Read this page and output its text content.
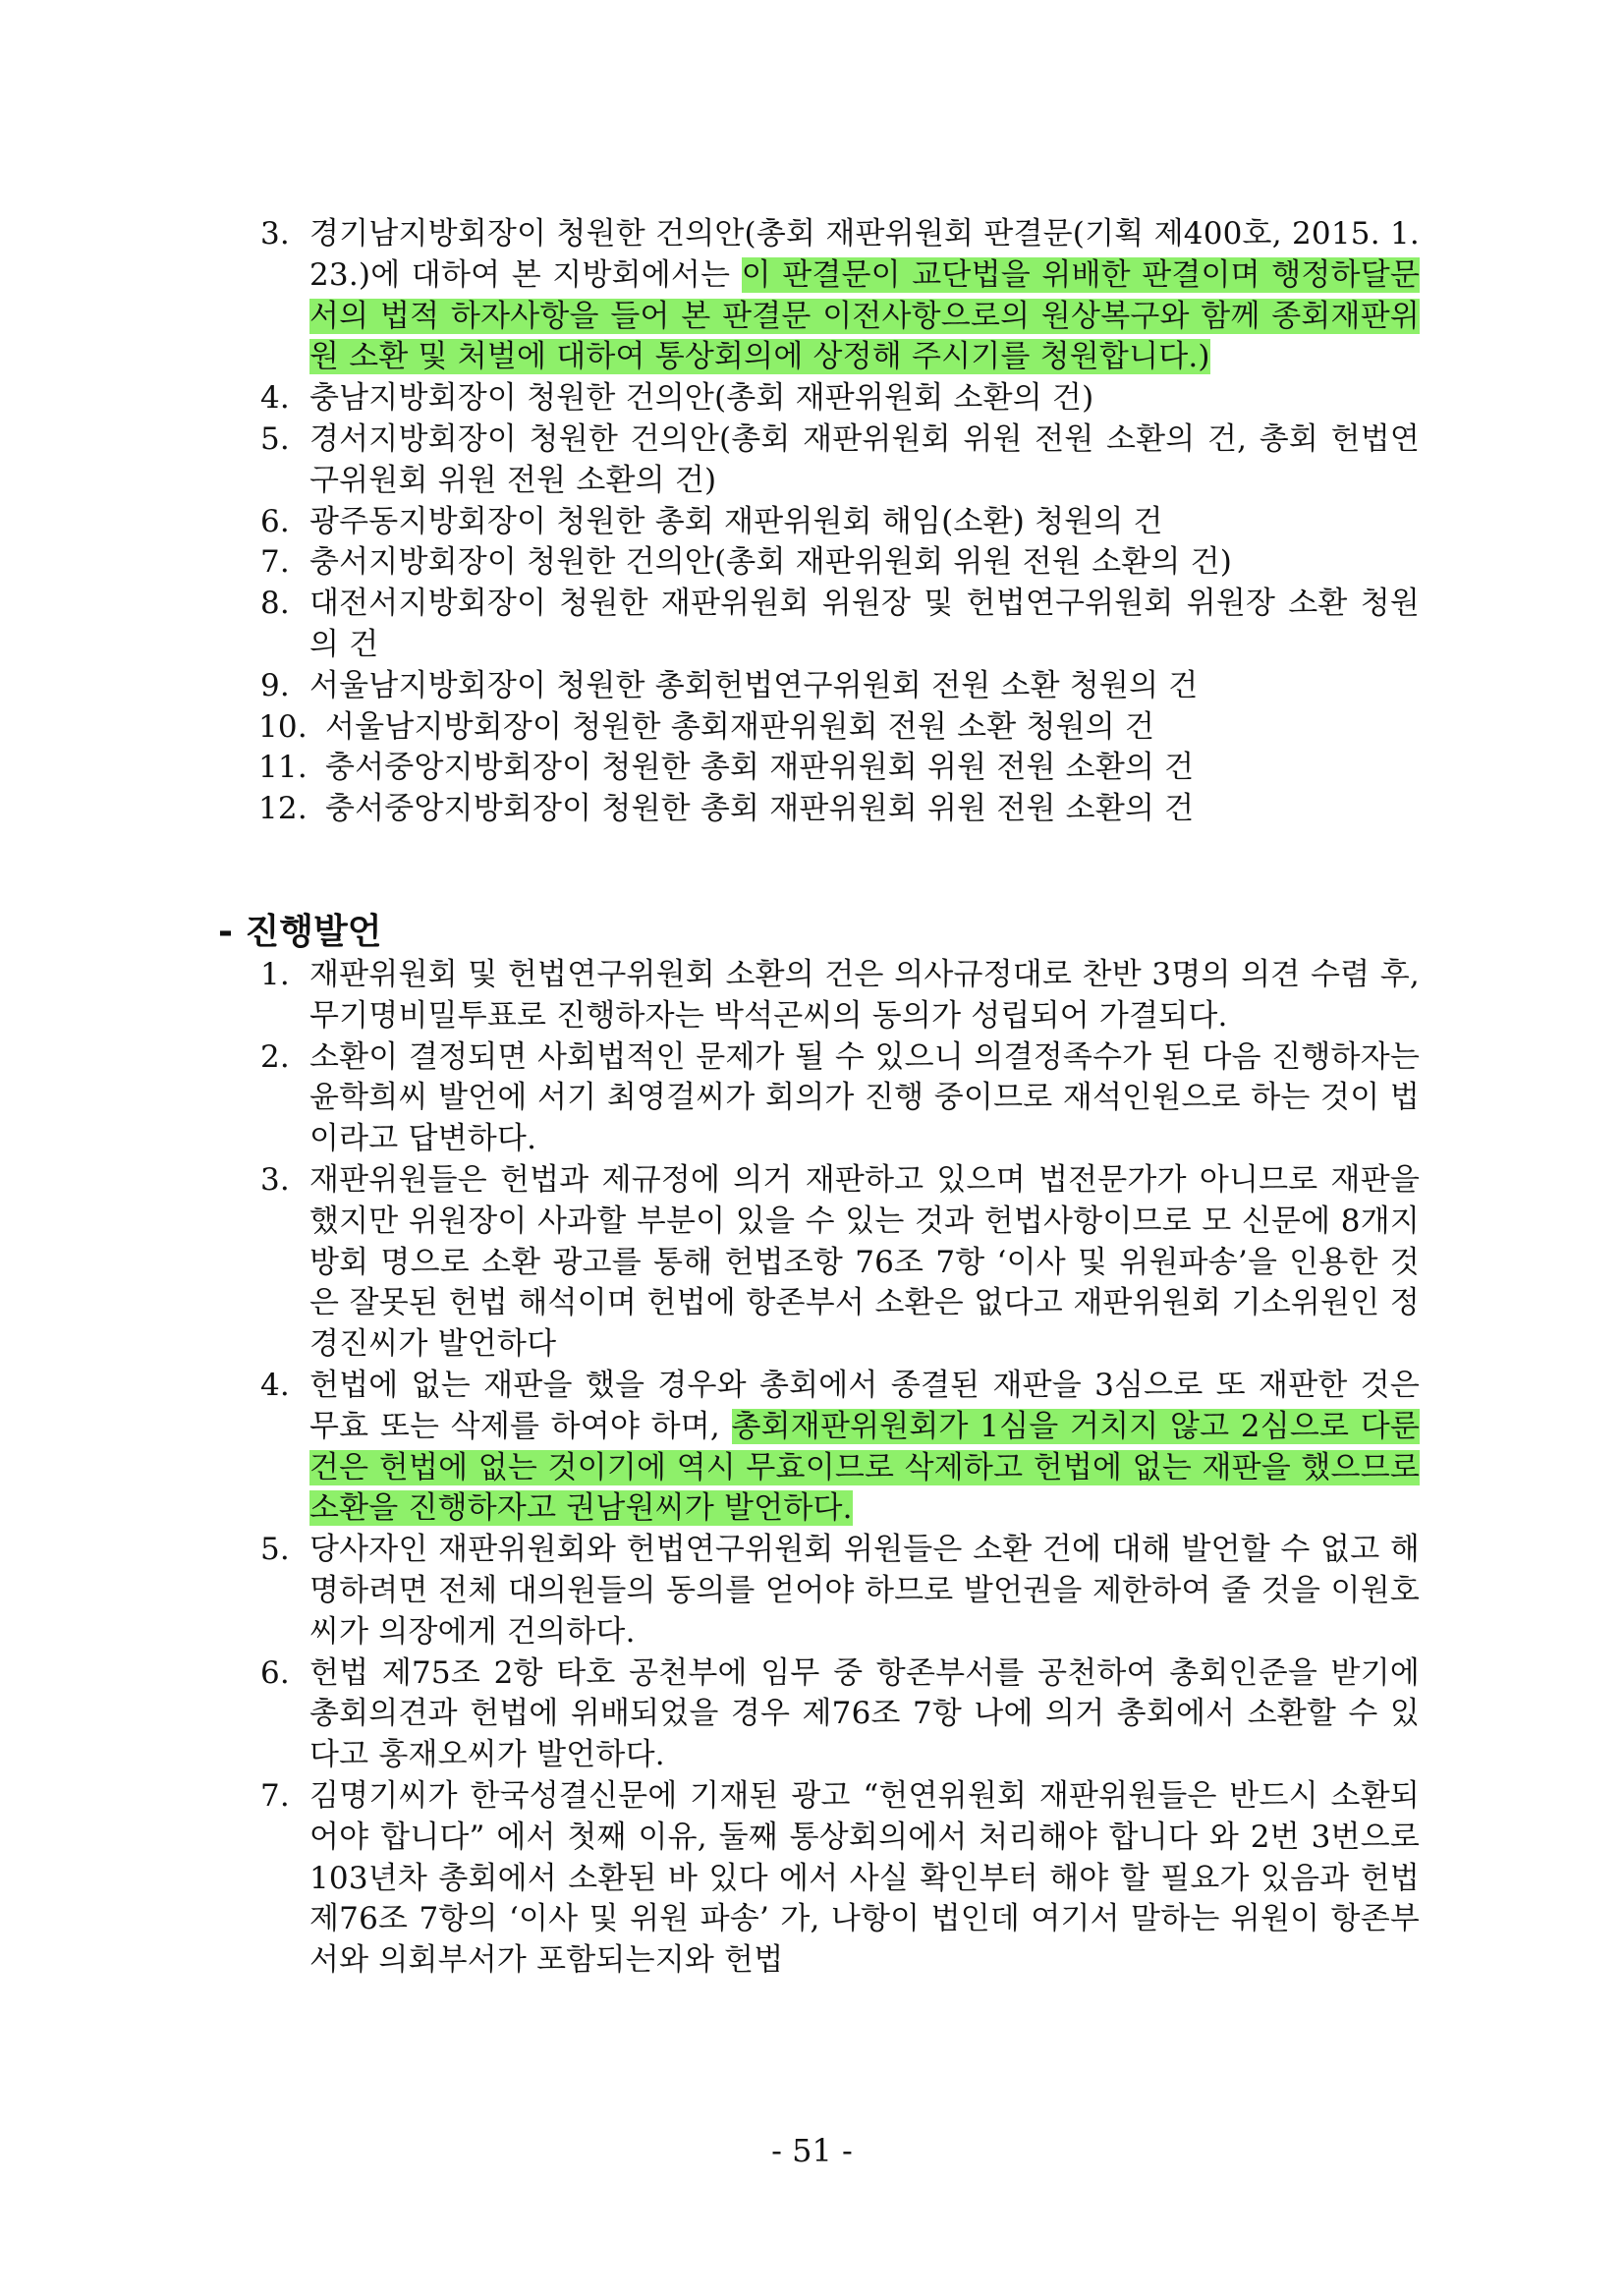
3. 경기남지방회장이 청원한 건의안(총회 재판위원회 판결문(기획 제400호, 2015. 1. 23.)에 대하여 본 지방회에서는 이 판결문이 교단법을 위배한 판결이며 행정하달문서의 법적 하자사항을 들어 본 판결문 이전사항으로의 원상복구와 함께 종회재판위원 소환 및 처벌에 대하여 통상회의에 상정해 주시기를 청원합니다.)
4. 충남지방회장이 청원한 건의안(총회 재판위원회 소환의 건)
5. 경서지방회장이 청원한 건의안(총회 재판위원회 위원 전원 소환의 건, 총회 헌법연구위원회 위원 전원 소환의 건)
6. 광주동지방회장이 청원한 총회 재판위원회 해임(소환) 청원의 건
7. 충서지방회장이 청원한 건의안(총회 재판위원회 위원 전원 소환의 건)
8. 대전서지방회장이 청원한 재판위원회 위원장 및 헌법연구위원회 위원장 소환 청원의 건
9. 서울남지방회장이 청원한 총회헌법연구위원회 전원 소환 청원의 건
10. 서울남지방회장이 청원한 총회재판위원회 전원 소환 청원의 건
11. 충서중앙지방회장이 청원한 총회 재판위원회 위원 전원 소환의 건
12. 충서중앙지방회장이 청원한 총회 재판위원회 위원 전원 소환의 건
- 진행발언
1. 재판위원회 및 헌법연구위원회 소환의 건은 의사규정대로 찬반 3명의 의견 수렴 후, 무기명비밀투표로 진행하자는 박석곤씨의 동의가 성립되어 가결되다.
2. 소환이 결정되면 사회법적인 문제가 될 수 있으니 의결정족수가 된 다음 진행하자는 윤학희씨 발언에 서기 최영걸씨가 회의가 진행 중이므로 재석인원으로 하는 것이 법이라고 답변하다.
3. 재판위원들은 헌법과 제규정에 의거 재판하고 있으며 법전문가가 아니므로 재판을 했지만 위원장이 사과할 부분이 있을 수 있는 것과 헌법사항이므로 모 신문에 8개지방회 명으로 소환 광고를 통해 헌법조항 76조 7항 ‘이사 및 위원파송’을 인용한 것은 잘못된 헌법 해석이며 헌법에 항존부서 소환은 없다고 재판위원회 기소위원인 정경진씨가 발언하다
4. 헌법에 없는 재판을 했을 경우와 총회에서 종결된 재판을 3심으로 또 재판한 것은 무효 또는 삭제를 하여야 하며, 총회재판위원회가 1심을 거치지 않고 2심으로 다룬 건은 헌법에 없는 것이기에 역시 무효이므로 삭제하고 헌법에 없는 재판을 했으므로 소환을 진행하자고 권남원씨가 발언하다.
5. 당사자인 재판위원회와 헌법연구위원회 위원들은 소환 건에 대해 발언할 수 없고 해명하려면 전체 대의원들의 동의를 얻어야 하므로 발언권을 제한하여 줄 것을 이원호씨가 의장에게 건의하다.
6. 헌법 제75조 2항 타호 공천부에 임무 중 항존부서를 공천하여 총회인준을 받기에 총회의견과 헌법에 위배되었을 경우 제76조 7항 나에 의거 총회에서 소환할 수 있다고 홍재오씨가 발언하다.
7. 김명기씨가 한국성결신문에 기재된 광고 “헌연위원회 재판위원들은 반드시 소환되어야 합니다” 에서 첫째 이유, 둘째 통상회의에서 처리해야 합니다 와 2번 3번으로 103년차 총회에서 소환된 바 있다 에서 사실 확인부터 해야 할 필요가 있음과 헌법 제76조 7항의 ‘이사 및 위원 파송’ 가, 나항이 법인데 여기서 말하는 위원이 항존부서와 의회부서가 포함되는지와 헌법
- 51 -
